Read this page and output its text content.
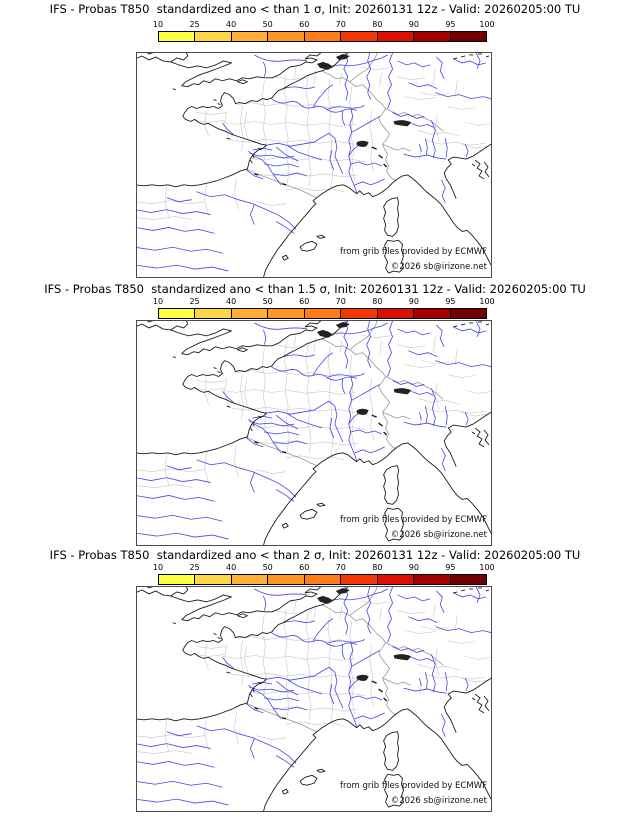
IFS - Probas T850  standardized ano < than 1 σ, Init: 20260131 12z - Valid: 20260205:00 TU
10	25	40	50	60	70	80	90	95	100
from grib files provided by ECMWF
©2026 sb@irizone.net
IFS - Probas T850  standardized ano < than 1.5 σ, Init: 20260131 12z - Valid: 20260205:00 TU
10	25	40	50	60	70	80	90	95	100
from grib files provided by ECMWF
©2026 sb@irizone.net
IFS - Probas T850  standardized ano < than 2 σ, Init: 20260131 12z - Valid: 20260205:00 TU
10	25	40	50	60	70	80	90	95	100
from grib files provided by ECMWF
©2026 sb@irizone.net
